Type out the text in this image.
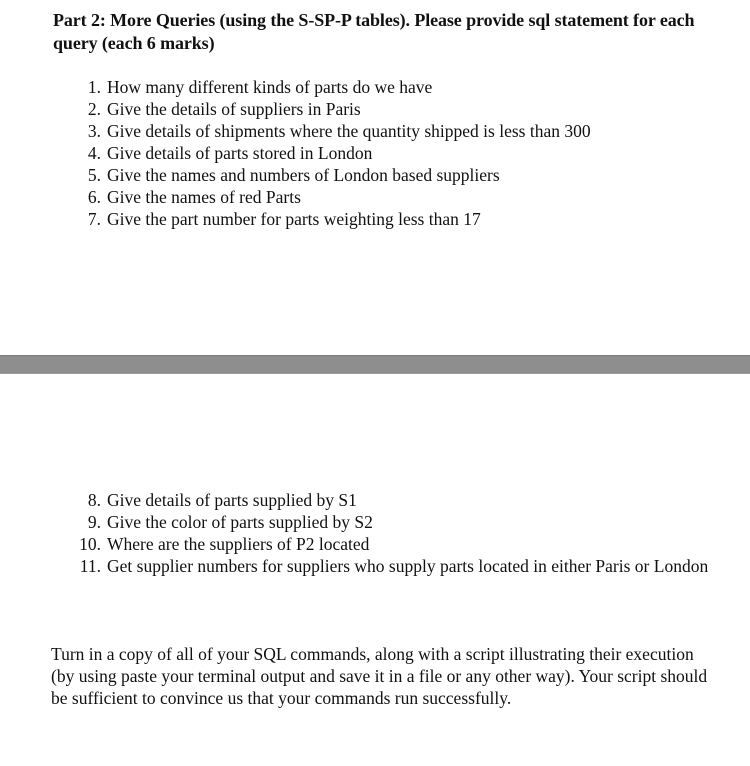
Part 2: More Queries (using the S-SP-P tables). Please provide sql statement for each query (each 6 marks)

1. How many different kinds of parts do we have
2. Give the details of suppliers in Paris
3. Give details of shipments where the quantity shipped is less than 300
4. Give details of parts stored in London
5. Give the names and numbers of London based suppliers
6. Give the names of red Parts
7. Give the part number for parts weighting less than 17
8. Give details of parts supplied by S1
9. Give the color of parts supplied by S2
10. Where are the suppliers of P2 located
11. Get supplier numbers for suppliers who supply parts located in either Paris or London

Turn in a copy of all of your SQL commands, along with a script illustrating their execution (by using paste your terminal output and save it in a file or any other way). Your script should be sufficient to convince us that your commands run successfully.
